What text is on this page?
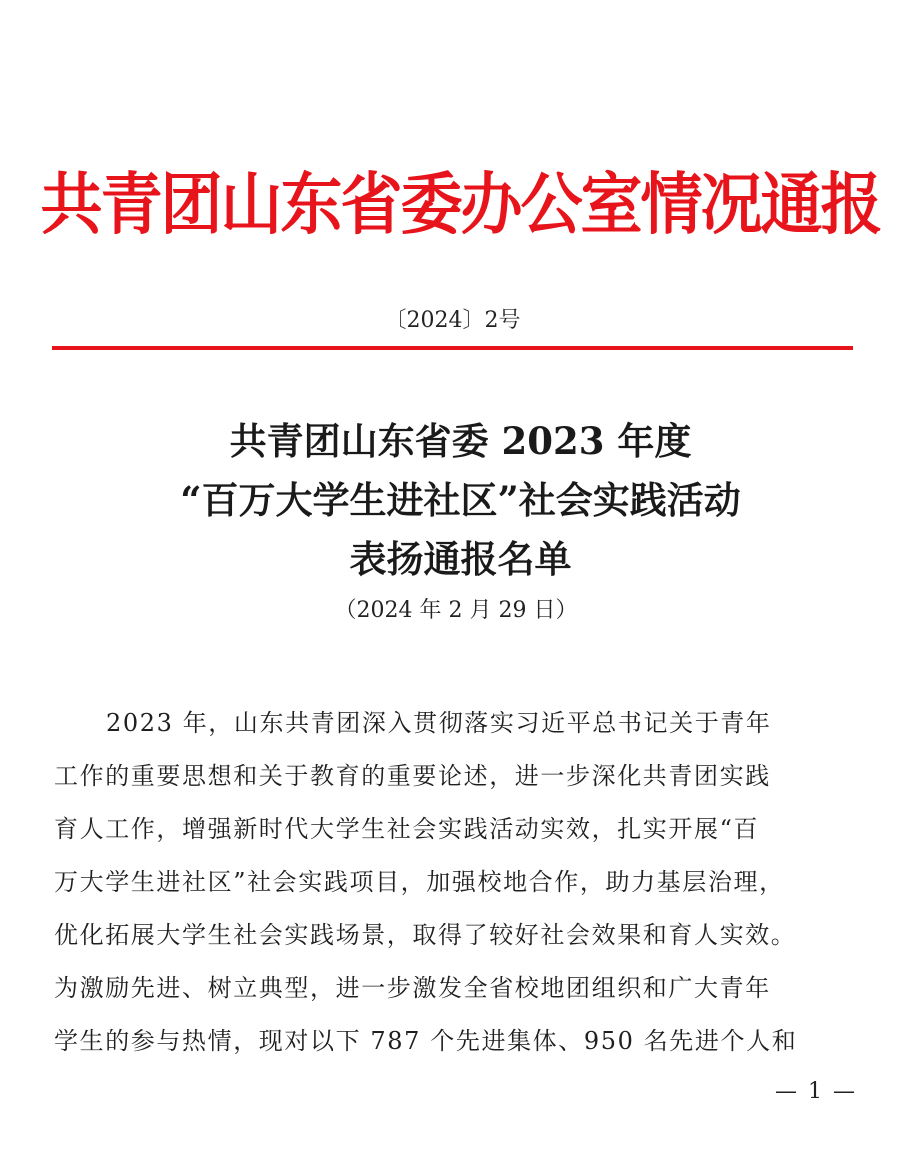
共青团山东省委办公室情况通报
〔2024〕2号
共青团山东省委 2023 年度
“百万大学生进社区”社会实践活动
表扬通报名单
（2024 年 2 月 29 日）
2023 年，山东共青团深入贯彻落实习近平总书记关于青年
工作的重要思想和关于教育的重要论述，进一步深化共青团实践
育人工作，增强新时代大学生社会实践活动实效，扎实开展“百
万大学生进社区”社会实践项目，加强校地合作，助力基层治理，
优化拓展大学生社会实践场景，取得了较好社会效果和育人实效。
为激励先进、树立典型，进一步激发全省校地团组织和广大青年
学生的参与热情，现对以下 787 个先进集体、950 名先进个人和
— 1 —
